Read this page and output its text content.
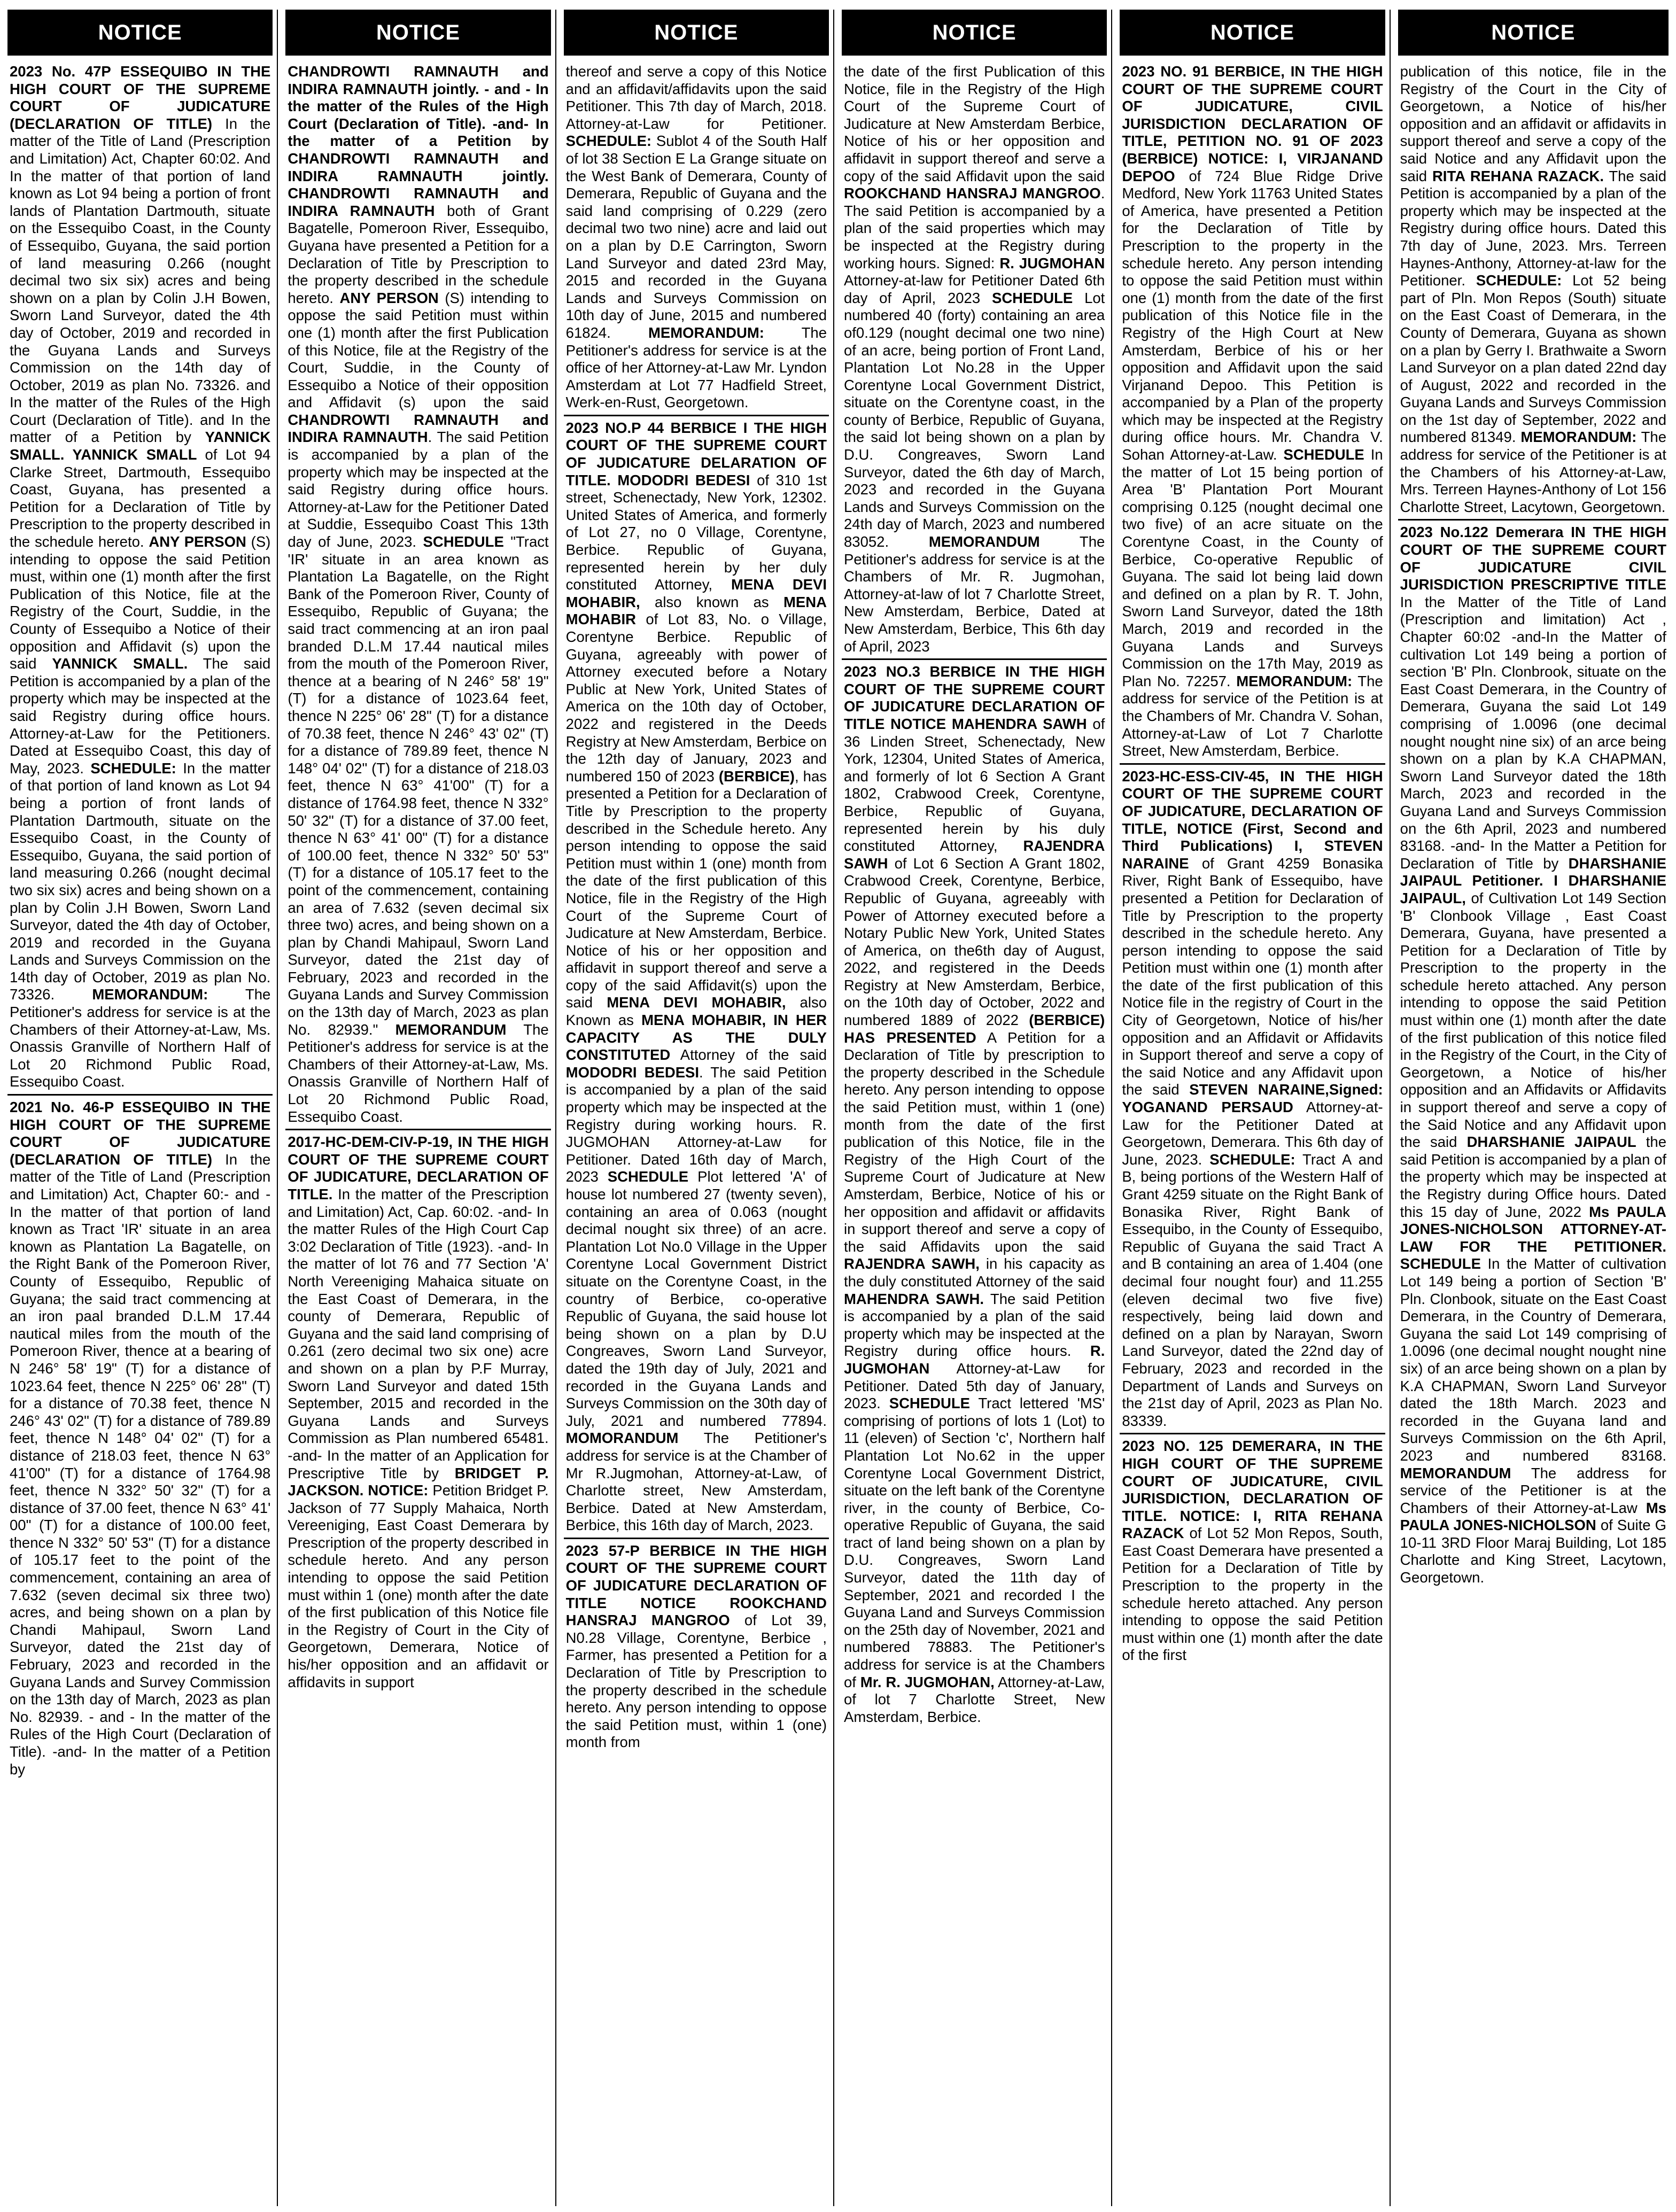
NOTICE
2023 No. 47P ESSEQUIBO IN THE HIGH COURT OF THE SUPREME COURT OF JUDICATURE (DECLARATION OF TITLE) In the matter of the Title of Land (Prescription and Limitation) Act, Chapter 60:02. And In the matter of that portion of land known as Lot 94 being a portion of front lands of Plantation Dartmouth, situate on the Essequibo Coast, in the County of Essequibo, Guyana, the said portion of land measuring 0.266 (nought decimal two six six) acres and being shown on a plan by Colin J.H Bowen, Sworn Land Surveyor, dated the 4th day of October, 2019 and recorded in the Guyana Lands and Surveys Commission on the 14th day of October, 2019 as plan No. 73326. and In the matter of the Rules of the High Court (Declaration of Title). and In the matter of a Petition by YANNICK SMALL. YANNICK SMALL of Lot 94 Clarke Street, Dartmouth, Essequibo Coast, Guyana, has presented a Petition for a Declaration of Title by Prescription to the property described in the schedule hereto. ANY PERSON (S) intending to oppose the said Petition must, within one (1) month after the first Publication of this Notice, file at the Registry of the Court, Suddie, in the County of Essequibo a Notice of their opposition and Affidavit (s) upon the said YANNICK SMALL. The said Petition is accompanied by a plan of the property which may be inspected at the said Registry during office hours. Attorney-at-Law for the Petitioners. Dated at Essequibo Coast, this day of May, 2023. SCHEDULE: In the matter of that portion of land known as Lot 94 being a portion of front lands of Plantation Dartmouth, situate on the Essequibo Coast, in the County of Essequibo, Guyana, the said portion of land measuring 0.266 (nought decimal two six six) acres and being shown on a plan by Colin J.H Bowen, Sworn Land Surveyor, dated the 4th day of October, 2019 and recorded in the Guyana Lands and Surveys Commission on the 14th day of October, 2019 as plan No. 73326. MEMORANDUM: The Petitioner's address for service is at the Chambers of their Attorney-at-Law, Ms. Onassis Granville of Northern Half of Lot 20 Richmond Public Road, Essequibo Coast.
2021 No. 46-P ESSEQUIBO IN THE HIGH COURT OF THE SUPREME COURT OF JUDICATURE (DECLARATION OF TITLE) In the matter of the Title of Land (Prescription and Limitation) Act, Chapter 60:- and - In the matter of that portion of land known as Tract 'IR' situate in an area known as Plantation La Bagatelle, on the Right Bank of the Pomeroon River, County of Essequibo, Republic of Guyana; the said tract commencing at an iron paal branded D.L.M 17.44 nautical miles from the mouth of the Pomeroon River, thence at a bearing of N 246° 58' 19" (T) for a distance of 1023.64 feet, thence N 225° 06' 28" (T) for a distance of 70.38 feet, thence N 246° 43' 02" (T) for a distance of 789.89 feet, thence N 148° 04' 02" (T) for a distance of 218.03 feet, thence N 63° 41'00" (T) for a distance of 1764.98 feet, thence N 332° 50' 32" (T) for a distance of 37.00 feet, thence N 63° 41' 00" (T) for a distance of 100.00 feet, thence N 332° 50' 53" (T) for a distance of 105.17 feet to the point of the commencement, containing an area of 7.632 (seven decimal six three two) acres, and being shown on a plan by Chandi Mahipaul, Sworn Land Surveyor, dated the 21st day of February, 2023 and recorded in the Guyana Lands and Survey Commission on the 13th day of March, 2023 as plan No. 82939. - and - In the matter of the Rules of the High Court (Declaration of Title). -and- In the matter of a Petition by
NOTICE
CHANDROWTI RAMNAUTH and INDIRA RAMNAUTH jointly. - and - In the matter of the Rules of the High Court (Declaration of Title). -and- In the matter of a Petition by CHANDROWTI RAMNAUTH and INDIRA RAMNAUTH jointly. CHANDROWTI RAMNAUTH and INDIRA RAMNAUTH both of Grant Bagatelle, Pomeroon River, Essequibo, Guyana have presented a Petition for a Declaration of Title by Prescription to the property described in the schedule hereto. ANY PERSON (S) intending to oppose the said Petition must within one (1) month after the first Publication of this Notice, file at the Registry of the Court, Suddie, in the County of Essequibo a Notice of their opposition and Affidavit (s) upon the said CHANDROWTI RAMNAUTH and INDIRA RAMNAUTH. The said Petition is accompanied by a plan of the property which may be inspected at the said Registry during office hours. Attorney-at-Law for the Petitioner Dated at Suddie, Essequibo Coast This 13th day of June, 2023. SCHEDULE "Tract 'IR' situate in an area known as Plantation La Bagatelle, on the Right Bank of the Pomeroon River, County of Essequibo, Republic of Guyana; the said tract commencing at an iron paal branded D.L.M 17.44 nautical miles from the mouth of the Pomeroon River, thence at a bearing of N 246° 58' 19" (T) for a distance of 1023.64 feet, thence N 225° 06' 28" (T) for a distance of 70.38 feet, thence N 246° 43' 02" (T) for a distance of 789.89 feet, thence N 148° 04' 02" (T) for a distance of 218.03 feet, thence N 63° 41'00" (T) for a distance of 1764.98 feet, thence N 332° 50' 32" (T) for a distance of 37.00 feet, thence N 63° 41' 00" (T) for a distance of 100.00 feet, thence N 332° 50' 53" (T) for a distance of 105.17 feet to the point of the commencement, containing an area of 7.632 (seven decimal six three two) acres, and being shown on a plan by Chandi Mahipaul, Sworn Land Surveyor, dated the 21st day of February, 2023 and recorded in the Guyana Lands and Survey Commission on the 13th day of March, 2023 as plan No. 82939." MEMORANDUM The Petitioner's address for service is at the Chambers of their Attorney-at-Law, Ms. Onassis Granville of Northern Half of Lot 20 Richmond Public Road, Essequibo Coast.
2017-HC-DEM-CIV-P-19, IN THE HIGH COURT OF THE SUPREME COURT OF JUDICATURE, DECLARATION OF TITLE. In the matter of the Prescription and Limitation) Act, Cap. 60:02. -and- In the matter Rules of the High Court Cap 3:02 Declaration of Title (1923). -and- In the matter of lot 76 and 77 Section 'A' North Vereeniging Mahaica situate on the East Coast of Demerara, in the county of Demerara, Republic of Guyana and the said land comprising of 0.261 (zero decimal two six one) acre and shown on a plan by P.F Murray, Sworn Land Surveyor and dated 15th September, 2015 and recorded in the Guyana Lands and Surveys Commission as Plan numbered 65481. -and- In the matter of an Application for Prescriptive Title by BRIDGET P. JACKSON. NOTICE: Petition Bridget P. Jackson of 77 Supply Mahaica, North Vereeniging, East Coast Demerara by Prescription of the property described in schedule hereto. And any person intending to oppose the said Petition must within 1 (one) month after the date of the first publication of this Notice file in the Registry of Court in the City of Georgetown, Demerara, Notice of his/her opposition and an affidavit or affidavits in support
NOTICE
thereof and serve a copy of this Notice and an affidavit/affidavits upon the said Petitioner. This 7th day of March, 2018. Attorney-at-Law for Petitioner. SCHEDULE: Sublot 4 of the South Half of lot 38 Section E La Grange situate on the West Bank of Demerara, County of Demerara, Republic of Guyana and the said land comprising of 0.229 (zero decimal two two nine) acre and laid out on a plan by D.E Carrington, Sworn Land Surveyor and dated 23rd May, 2015 and recorded in the Guyana Lands and Surveys Commission on 10th day of June, 2015 and numbered 61824. MEMORANDUM: The Petitioner's address for service is at the office of her Attorney-at-Law Mr. Lyndon Amsterdam at Lot 77 Hadfield Street, Werk-en-Rust, Georgetown.
2023 NO.P 44 BERBICE I THE HIGH COURT OF THE SUPREME COURT OF JUDICATURE DELARATION OF TITLE. MODODRI BEDESI of 310 1st street, Schenectady, New York, 12302. United States of America, and formerly of Lot 27, no 0 Village, Corentyne, Berbice. Republic of Guyana, represented herein by her duly constituted Attorney, MENA DEVI MOHABIR, also known as MENA MOHABIR of Lot 83, No. o Village, Corentyne Berbice. Republic of Guyana, agreeably with power of Attorney executed before a Notary Public at New York, United States of America on the 10th day of October, 2022 and registered in the Deeds Registry at New Amsterdam, Berbice on the 12th day of January, 2023 and numbered 150 of 2023 (BERBICE), has presented a Petition for a Declaration of Title by Prescription to the property described in the Schedule hereto. Any person intending to oppose the said Petition must within 1 (one) month from the date of the first publication of this Notice, file in the Registry of the High Court of the Supreme Court of Judicature at New Amsterdam, Berbice. Notice of his or her opposition and affidavit in support thereof and serve a copy of the said Affidavit(s) upon the said MENA DEVI MOHABIR, also Known as MENA MOHABIR, IN HER CAPACITY AS THE DULY CONSTITUTED Attorney of the said MODODRI BEDESI. The said Petition is accompanied by a plan of the said property which may be inspected at the Registry during working hours. R. JUGMOHAN Attorney-at-Law for Petitioner. Dated 16th day of March, 2023 SCHEDULE Plot lettered 'A' of house lot numbered 27 (twenty seven), containing an area of 0.063 (nought decimal nought six three) of an acre. Plantation Lot No.0 Village in the Upper Corentyne Local Government District situate on the Corentyne Coast, in the country of Berbice, co-operative Republic of Guyana, the said house lot being shown on a plan by D.U Congreaves, Sworn Land Surveyor, dated the 19th day of July, 2021 and recorded in the Guyana Lands and Surveys Commission on the 30th day of July, 2021 and numbered 77894. MOMORANDUM The Petitioner's address for service is at the Chamber of Mr R.Jugmohan, Attorney-at-Law, of Charlotte street, New Amsterdam, Berbice. Dated at New Amsterdam, Berbice, this 16th day of March, 2023.
2023 57-P BERBICE IN THE HIGH COURT OF THE SUPREME COURT OF JUDICATURE DECLARATION OF TITLE NOTICE ROOKCHAND HANSRAJ MANGROO of Lot 39, N0.28 Village, Corentyne, Berbice , Farmer, has presented a Petition for a Declaration of Title by Prescription to the property described in the schedule hereto. Any person intending to oppose the said Petition must, within 1 (one) month from
NOTICE
the date of the first Publication of this Notice, file in the Registry of the High Court of the Supreme Court of Judicature at New Amsterdam Berbice, Notice of his or her opposition and affidavit in support thereof and serve a copy of the said Affidavit upon the said ROOKCHAND HANSRAJ MANGROO. The said Petition is accompanied by a plan of the said properties which may be inspected at the Registry during working hours. Signed: R. JUGMOHAN Attorney-at-law for Petitioner Dated 6th day of April, 2023 SCHEDULE Lot numbered 40 (forty) containing an area of0.129 (nought decimal one two nine) of an acre, being portion of Front Land, Plantation Lot No.28 in the Upper Corentyne Local Government District, situate on the Corentyne coast, in the county of Berbice, Republic of Guyana, the said lot being shown on a plan by D.U. Congreaves, Sworn Land Surveyor, dated the 6th day of March, 2023 and recorded in the Guyana Lands and Surveys Commission on the 24th day of March, 2023 and numbered 83052. MEMORANDUM The Petitioner's address for service is at the Chambers of Mr. R. Jugmohan, Attorney-at-law of lot 7 Charlotte Street, New Amsterdam, Berbice, Dated at New Amsterdam, Berbice, This 6th day of April, 2023
2023 NO.3 BERBICE IN THE HIGH COURT OF THE SUPREME COURT OF JUDICATURE DECLARATION OF TITLE NOTICE MAHENDRA SAWH of 36 Linden Street, Schenectady, New York, 12304, United States of America, and formerly of lot 6 Section A Grant 1802, Crabwood Creek, Corentyne, Berbice, Republic of Guyana, represented herein by his duly constituted Attorney, RAJENDRA SAWH of Lot 6 Section A Grant 1802, Crabwood Creek, Corentyne, Berbice, Republic of Guyana, agreeably with Power of Attorney executed before a Notary Public New York, United States of America, on the6th day of August, 2022, and registered in the Deeds Registry at New Amsterdam, Berbice, on the 10th day of October, 2022 and numbered 1889 of 2022 (BERBICE) HAS PRESENTED A Petition for a Declaration of Title by prescription to the property described in the Schedule hereto. Any person intending to oppose the said Petition must, within 1 (one) month from the date of the first publication of this Notice, file in the Registry of the High Court of the Supreme Court of Judicature at New Amsterdam, Berbice, Notice of his or her opposition and affidavit or affidavits in support thereof and serve a copy of the said Affidavits upon the said RAJENDRA SAWH, in his capacity as the duly constituted Attorney of the said MAHENDRA SAWH. The said Petition is accompanied by a plan of the said property which may be inspected at the Registry during office hours. R. JUGMOHAN Attorney-at-Law for Petitioner. Dated 5th day of January, 2023. SCHEDULE Tract lettered 'MS' comprising of portions of lots 1 (Lot) to 11 (eleven) of Section 'c', Northern half Plantation Lot No.62 in the upper Corentyne Local Government District, situate on the left bank of the Corentyne river, in the county of Berbice, Co-operative Republic of Guyana, the said tract of land being shown on a plan by D.U. Congreaves, Sworn Land Surveyor, dated the 11th day of September, 2021 and recorded I the Guyana Land and Surveys Commission on the 25th day of November, 2021 and numbered 78883. The Petitioner's address for service is at the Chambers of Mr. R. JUGMOHAN, Attorney-at-Law, of lot 7 Charlotte Street, New Amsterdam, Berbice.
NOTICE
2023 NO. 91 BERBICE, IN THE HIGH COURT OF THE SUPREME COURT OF JUDICATURE, CIVIL JURISDICTION DECLARATION OF TITLE, PETITION NO. 91 OF 2023 (BERBICE) NOTICE: I, VIRJANAND DEPOO of 724 Blue Ridge Drive Medford, New York 11763 United States of America, have presented a Petition for the Declaration of Title by Prescription to the property in the schedule hereto. Any person intending to oppose the said Petition must within one (1) month from the date of the first publication of this Notice file in the Registry of the High Court at New Amsterdam, Berbice of his or her opposition and Affidavit upon the said Virjanand Depoo. This Petition is accompanied by a Plan of the property which may be inspected at the Registry during office hours. Mr. Chandra V. Sohan Attorney-at-Law. SCHEDULE In the matter of Lot 15 being portion of Area 'B' Plantation Port Mourant comprising 0.125 (nought decimal one two five) of an acre situate on the Corentyne Coast, in the County of Berbice, Co-operative Republic of Guyana. The said lot being laid down and defined on a plan by R. T. John, Sworn Land Surveyor, dated the 18th March, 2019 and recorded in the Guyana Lands and Surveys Commission on the 17th May, 2019 as Plan No. 72257. MEMORANDUM: The address for service of the Petition is at the Chambers of Mr. Chandra V. Sohan, Attorney-at-Law of Lot 7 Charlotte Street, New Amsterdam, Berbice.
2023-HC-ESS-CIV-45, IN THE HIGH COURT OF THE SUPREME COURT OF JUDICATURE, DECLARATION OF TITLE, NOTICE (First, Second and Third Publications) I, STEVEN NARAINE of Grant 4259 Bonasika River, Right Bank of Essequibo, have presented a Petition for Declaration of Title by Prescription to the property described in the schedule hereto. Any person intending to oppose the said Petition must within one (1) month after the date of the first publication of this Notice file in the registry of Court in the City of Georgetown, Notice of his/her opposition and an Affidavit or Affidavits in Support thereof and serve a copy of the said Notice and any Affidavit upon the said STEVEN NARAINE,Signed: YOGANAND PERSAUD Attorney-at-Law for the Petitioner Dated at Georgetown, Demerara. This 6th day of June, 2023. SCHEDULE: Tract A and B, being portions of the Western Half of Grant 4259 situate on the Right Bank of Bonasika River, Right Bank of Essequibo, in the County of Essequibo, Republic of Guyana the said Tract A and B containing an area of 1.404 (one decimal four nought four) and 11.255 (eleven decimal two five five) respectively, being laid down and defined on a plan by Narayan, Sworn Land Surveyor, dated the 22nd day of February, 2023 and recorded in the Department of Lands and Surveys on the 21st day of April, 2023 as Plan No. 83339.
2023 NO. 125 DEMERARA, IN THE HIGH COURT OF THE SUPREME COURT OF JUDICATURE, CIVIL JURISDICTION, DECLARATION OF TITLE. NOTICE: I, RITA REHANA RAZACK of Lot 52 Mon Repos, South, East Coast Demerara have presented a Petition for a Declaration of Title by Prescription to the property in the schedule hereto attached. Any person intending to oppose the said Petition must within one (1) month after the date of the first
NOTICE
publication of this notice, file in the Registry of the Court in the City of Georgetown, a Notice of his/her opposition and an affidavit or affidavits in support thereof and serve a copy of the said Notice and any Affidavit upon the said RITA REHANA RAZACK. The said Petition is accompanied by a plan of the property which may be inspected at the Registry during office hours. Dated this 7th day of June, 2023. Mrs. Terreen Haynes-Anthony, Attorney-at-law for the Petitioner. SCHEDULE: Lot 52 being part of Pln. Mon Repos (South) situate on the East Coast of Demerara, in the County of Demerara, Guyana as shown on a plan by Gerry I. Brathwaite a Sworn Land Surveyor on a plan dated 22nd day of August, 2022 and recorded in the Guyana Lands and Surveys Commission on the 1st day of September, 2022 and numbered 81349. MEMORANDUM: The address for service of the Petitioner is at the Chambers of his Attorney-at-Law, Mrs. Terreen Haynes-Anthony of Lot 156 Charlotte Street, Lacytown, Georgetown.
2023 No.122 Demerara IN THE HIGH COURT OF THE SUPREME COURT OF JUDICATURE CIVIL JURISDICTION PRESCRIPTIVE TITLE In the Matter of the Title of Land (Prescription and limitation) Act , Chapter 60:02 -and-In the Matter of cultivation Lot 149 being a portion of section 'B' Pln. Clonbrook, situate on the East Coast Demerara, in the Country of Demerara, Guyana the said Lot 149 comprising of 1.0096 (one decimal nought nought nine six) of an arce being shown on a plan by K.A CHAPMAN, Sworn Land Surveyor dated the 18th March, 2023 and recorded in the Guyana Land and Surveys Commission on the 6th April, 2023 and numbered 83168. -and- In the Matter a Petition for Declaration of Title by DHARSHANIE JAIPAUL Petitioner. I DHARSHANIE JAIPAUL, of Cultivation Lot 149 Section 'B' Clonbook Village , East Coast Demerara, Guyana, have presented a Petition for a Declaration of Title by Prescription to the property in the schedule hereto attached. Any person intending to oppose the said Petition must within one (1) month after the date of the first publication of this notice filed in the Registry of the Court, in the City of Georgetown, a Notice of his/her opposition and an Affidavits or Affidavits in support thereof and serve a copy of the Said Notice and any Affidavit upon the said DHARSHANIE JAIPAUL the said Petition is accompanied by a plan of the property which may be inspected at the Registry during Office hours. Dated this 15 day of June, 2022 Ms PAULA JONES-NICHOLSON ATTORNEY-AT-LAW FOR THE PETITIONER. SCHEDULE In the Matter of cultivation Lot 149 being a portion of Section 'B' Pln. Clonbook, situate on the East Coast Demerara, in the Country of Demerara, Guyana the said Lot 149 comprising of 1.0096 (one decimal nought nought nine six) of an arce being shown on a plan by K.A CHAPMAN, Sworn Land Surveyor dated the 18th March. 2023 and recorded in the Guyana land and Surveys Commission on the 6th April, 2023 and numbered 83168. MEMORANDUM The address for service of the Petitioner is at the Chambers of their Attorney-at-Law Ms PAULA JONES-NICHOLSON of Suite G 10-11 3RD Floor Maraj Building, Lot 185 Charlotte and King Street, Lacytown, Georgetown.
